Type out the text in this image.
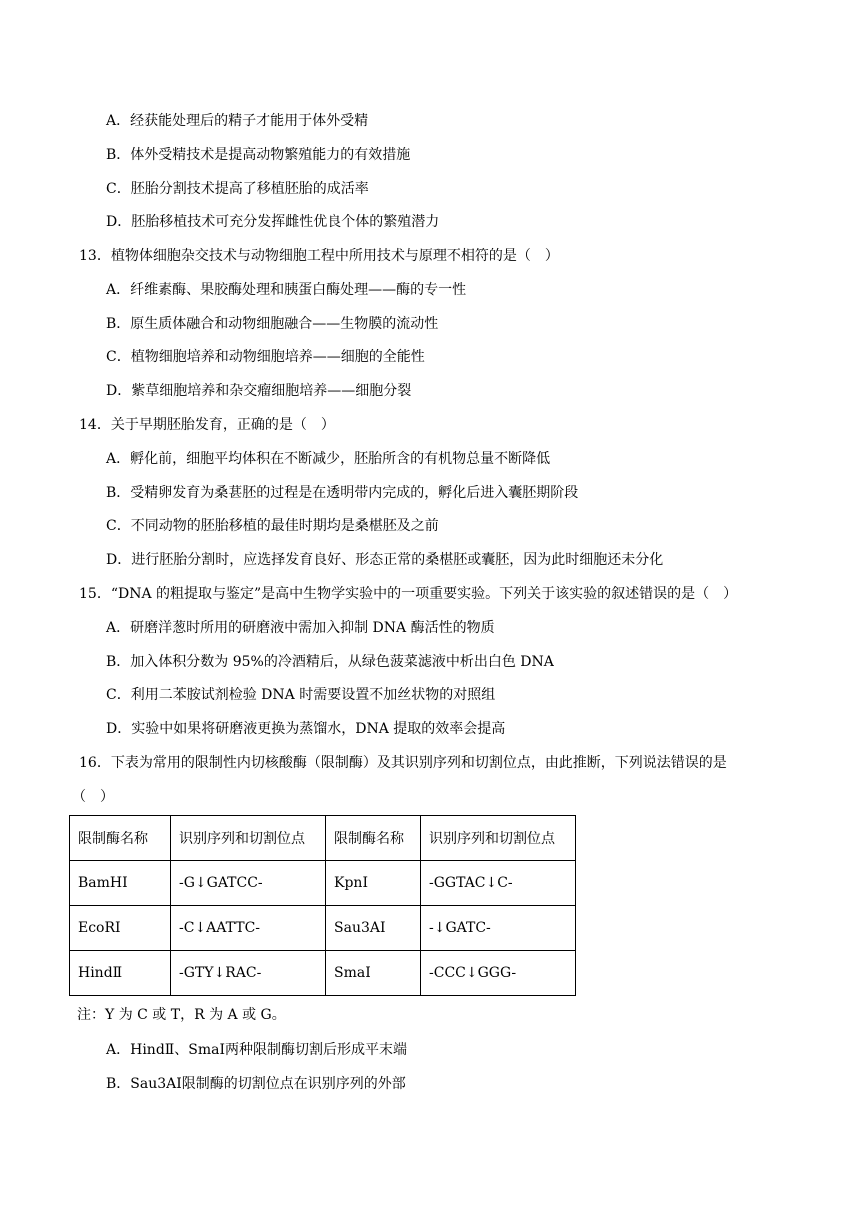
A．经获能处理后的精子才能用于体外受精
B．体外受精技术是提高动物繁殖能力的有效措施
C．胚胎分割技术提高了移植胚胎的成活率
D．胚胎移植技术可充分发挥雌性优良个体的繁殖潜力
13．植物体细胞杂交技术与动物细胞工程中所用技术与原理不相符的是（　）
A．纤维素酶、果胶酶处理和胰蛋白酶处理——酶的专一性
B．原生质体融合和动物细胞融合——生物膜的流动性
C．植物细胞培养和动物细胞培养——细胞的全能性
D．紫草细胞培养和杂交瘤细胞培养——细胞分裂
14．关于早期胚胎发育，正确的是（　）
A．孵化前，细胞平均体积在不断减少，胚胎所含的有机物总量不断降低
B．受精卵发育为桑葚胚的过程是在透明带内完成的，孵化后进入囊胚期阶段
C．不同动物的胚胎移植的最佳时期均是桑椹胚及之前
D．进行胚胎分割时，应选择发育良好、形态正常的桑椹胚或囊胚，因为此时细胞还未分化
15．“DNA 的粗提取与鉴定”是高中生物学实验中的一项重要实验。下列关于该实验的叙述错误的是（　）
A．研磨洋葱时所用的研磨液中需加入抑制 DNA 酶活性的物质
B．加入体积分数为 95%的冷酒精后，从绿色菠菜滤液中析出白色 DNA
C．利用二苯胺试剂检验 DNA 时需要设置不加丝状物的对照组
D．实验中如果将研磨液更换为蒸馏水，DNA 提取的效率会提高
16．下表为常用的限制性内切核酸酶（限制酶）及其识别序列和切割位点，由此推断，下列说法错误的是
（　）
限制酶名称	识别序列和切割位点	限制酶名称	识别序列和切割位点
BamHⅠ	-G↓GATCC-	KpnⅠ	-GGTAC↓C-
EcoRⅠ	-C↓AATTC-	Sau3AⅠ	-↓GATC-
HindⅡ	-GTY↓RAC-	SmaⅠ	-CCC↓GGG-
注：Y 为 C 或 T，R 为 A 或 G。
A．HindⅡ、SmaⅠ两种限制酶切割后形成平末端
B．Sau3AⅠ限制酶的切割位点在识别序列的外部
